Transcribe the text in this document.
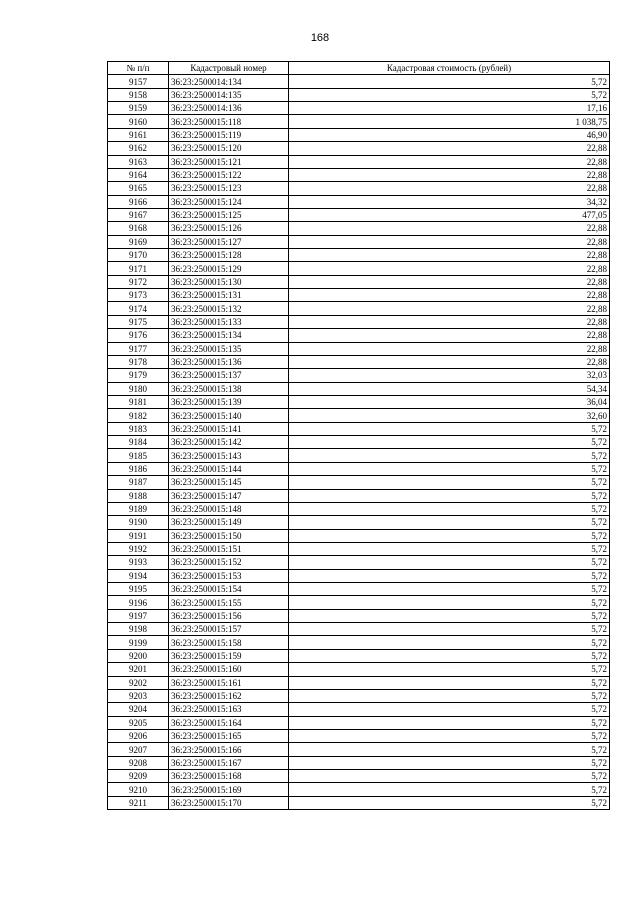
168
№ п/п	Кадастровый номер	Кадастровая стоимость (рублей)
9157	36:23:2500014:134	5,72
9158	36:23:2500014:135	5,72
9159	36:23:2500014:136	17,16
9160	36:23:2500015:118	1 038,75
9161	36:23:2500015:119	46,90
9162	36:23:2500015:120	22,88
9163	36:23:2500015:121	22,88
9164	36:23:2500015:122	22,88
9165	36:23:2500015:123	22,88
9166	36:23:2500015:124	34,32
9167	36:23:2500015:125	477,05
9168	36:23:2500015:126	22,88
9169	36:23:2500015:127	22,88
9170	36:23:2500015:128	22,88
9171	36:23:2500015:129	22,88
9172	36:23:2500015:130	22,88
9173	36:23:2500015:131	22,88
9174	36:23:2500015:132	22,88
9175	36:23:2500015:133	22,88
9176	36:23:2500015:134	22,88
9177	36:23:2500015:135	22,88
9178	36:23:2500015:136	22,88
9179	36:23:2500015:137	32,03
9180	36:23:2500015:138	54,34
9181	36:23:2500015:139	36,04
9182	36:23:2500015:140	32,60
9183	36:23:2500015:141	5,72
9184	36:23:2500015:142	5,72
9185	36:23:2500015:143	5,72
9186	36:23:2500015:144	5,72
9187	36:23:2500015:145	5,72
9188	36:23:2500015:147	5,72
9189	36:23:2500015:148	5,72
9190	36:23:2500015:149	5,72
9191	36:23:2500015:150	5,72
9192	36:23:2500015:151	5,72
9193	36:23:2500015:152	5,72
9194	36:23:2500015:153	5,72
9195	36:23:2500015:154	5,72
9196	36:23:2500015:155	5,72
9197	36:23:2500015:156	5,72
9198	36:23:2500015:157	5,72
9199	36:23:2500015:158	5,72
9200	36:23:2500015:159	5,72
9201	36:23:2500015:160	5,72
9202	36:23:2500015:161	5,72
9203	36:23:2500015:162	5,72
9204	36:23:2500015:163	5,72
9205	36:23:2500015:164	5,72
9206	36:23:2500015:165	5,72
9207	36:23:2500015:166	5,72
9208	36:23:2500015:167	5,72
9209	36:23:2500015:168	5,72
9210	36:23:2500015:169	5,72
9211	36:23:2500015:170	5,72
